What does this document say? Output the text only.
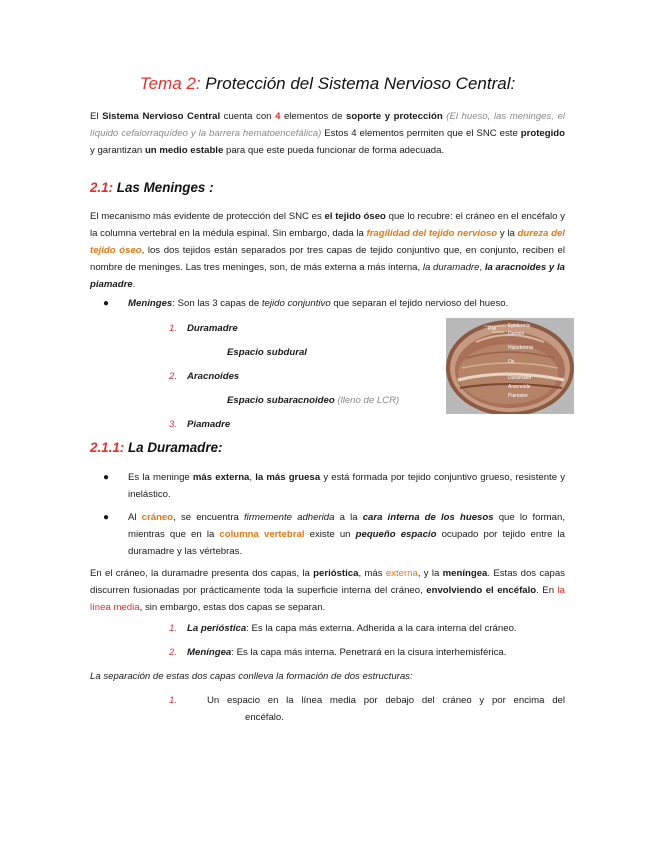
Tema 2: Protección del Sistema Nervioso Central:

El Sistema Nervioso Central cuenta con 4 elementos de soporte y protección (El hueso, las meninges, el líquido cefalorraquídeo y la barrera hematoencefálica) Estos 4 elementos permiten que el SNC este protegido y garantizan un medio estable para que este pueda funcionar de forma adecuada.

2.1: Las Meninges :

El mecanismo más evidente de protección del SNC es el tejido óseo que lo recubre: el cráneo en el encéfalo y la columna vertebral en la médula espinal. Sin embargo, dada la fragilidad del tejido nervioso y la dureza del tejido óseo, los dos tejidos están separados por tres capas de tejido conjuntivo que, en conjunto, reciben el nombre de meninges. Las tres meninges, son, de más externa a más interna, la duramadre, la aracnoides y la piamadre.

● Meninges: Son las 3 capas de tejido conjuntivo que separan el tejido nervioso del hueso.
1. Duramadre
Espacio subdural
2. Aracnoides
Espacio subaracnoideo (lleno de LCR)
3. Piamadre
Epidermis
Dermis
Hipodermis
Os
Duramater
Aracnoide
Piamater
Piel
2.1.1: La Duramadre:
● Es la meninge más externa, la más gruesa y está formada por tejido conjuntivo grueso, resistente y inelástico.
● Al cráneo, se encuentra firmemente adherida a la cara interna de los huesos que lo forman, mientras que en la columna vertebral existe un pequeño espacio ocupado por tejido entre la duramadre y las vértebras.

En el cráneo, la duramadre presenta dos capas, la perióstica, más externa, y la meníngea. Estas dos capas discurren fusionadas por prácticamente toda la superficie interna del cráneo, envolviendo el encéfalo. En la línea media, sin embargo, estas dos capas se separan.

1. La perióstica: Es la capa más externa. Adherida a la cara interna del cráneo.
2. Meníngea: Es la capa más interna. Penetrará en la cisura interhemisférica.
La separación de estas dos capas conlleva la formación de dos estructuras:
1.	Un espacio en la línea media por debajo del cráneo y por encima del
encéfalo.
